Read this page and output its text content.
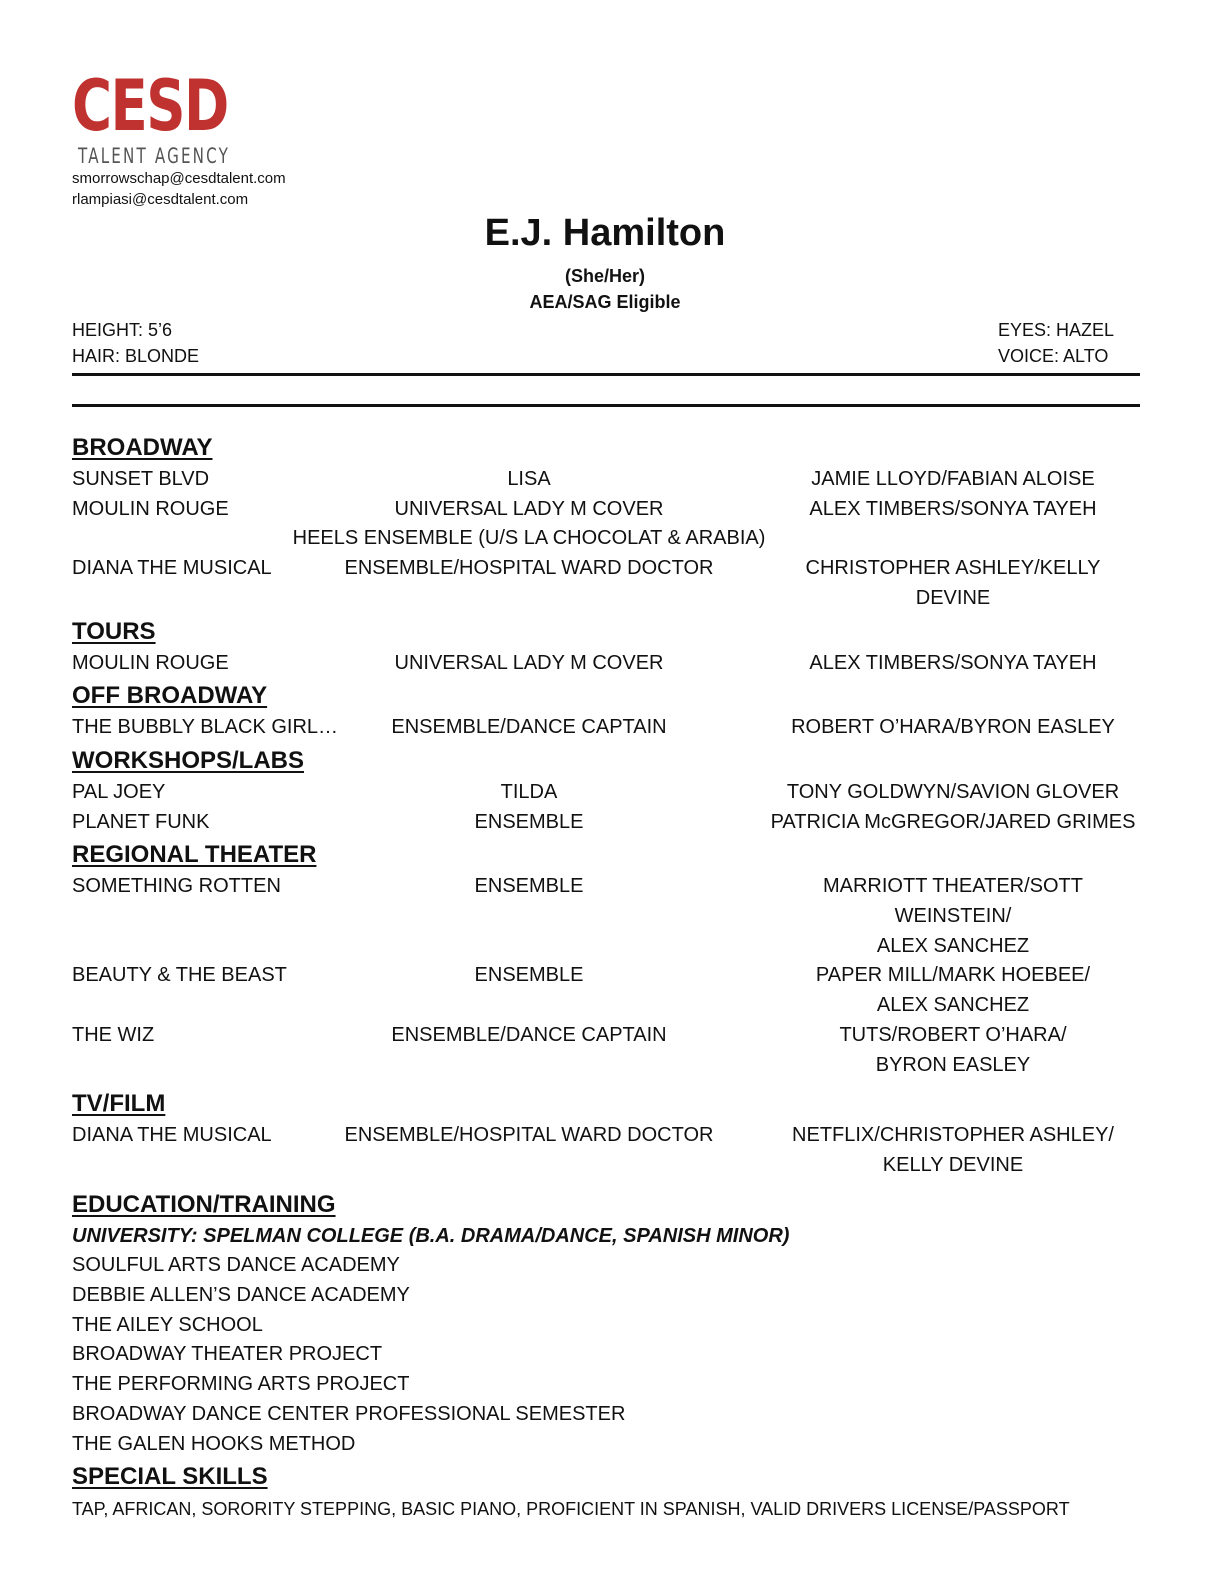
CESD
TALENT AGENCY
smorrowschap@cesdtalent.com
rlampiasi@cesdtalent.com
E.J. Hamilton
(She/Her)
AEA/SAG Eligible
HEIGHT: 5’6
HAIR: BLONDE
EYES: HAZEL
VOICE: ALTO
BROADWAY
SUNSET BLVD	LISA	JAMIE LLOYD/FABIAN ALOISE
MOULIN ROUGE	UNIVERSAL LADY M COVER	ALEX TIMBERS/SONYA TAYEH
HEELS ENSEMBLE (U/S LA CHOCOLAT & ARABIA)
DIANA THE MUSICAL	ENSEMBLE/HOSPITAL WARD DOCTOR	CHRISTOPHER ASHLEY/KELLY DEVINE
TOURS
MOULIN ROUGE	UNIVERSAL LADY M COVER	ALEX TIMBERS/SONYA TAYEH
OFF BROADWAY
THE BUBBLY BLACK GIRL…	ENSEMBLE/DANCE CAPTAIN	ROBERT O’HARA/BYRON EASLEY
WORKSHOPS/LABS
PAL JOEY	TILDA	TONY GOLDWYN/SAVION GLOVER
PLANET FUNK	ENSEMBLE	PATRICIA McGREGOR/JARED GRIMES
REGIONAL THEATER
SOMETHING ROTTEN	ENSEMBLE	MARRIOTT THEATER/SOTT WEINSTEIN/
ALEX SANCHEZ
BEAUTY & THE BEAST	ENSEMBLE	PAPER MILL/MARK HOEBEE/
ALEX SANCHEZ
THE WIZ	ENSEMBLE/DANCE CAPTAIN	TUTS/ROBERT O’HARA/
BYRON EASLEY
TV/FILM
DIANA THE MUSICAL	ENSEMBLE/HOSPITAL WARD DOCTOR	NETFLIX/CHRISTOPHER ASHLEY/
KELLY DEVINE
EDUCATION/TRAINING
UNIVERSITY: SPELMAN COLLEGE (B.A. DRAMA/DANCE, SPANISH MINOR)
SOULFUL ARTS DANCE ACADEMY
DEBBIE ALLEN’S DANCE ACADEMY
THE AILEY SCHOOL
BROADWAY THEATER PROJECT
THE PERFORMING ARTS PROJECT
BROADWAY DANCE CENTER PROFESSIONAL SEMESTER
THE GALEN HOOKS METHOD
SPECIAL SKILLS
TAP, AFRICAN, SORORITY STEPPING, BASIC PIANO, PROFICIENT IN SPANISH, VALID DRIVERS LICENSE/PASSPORT
